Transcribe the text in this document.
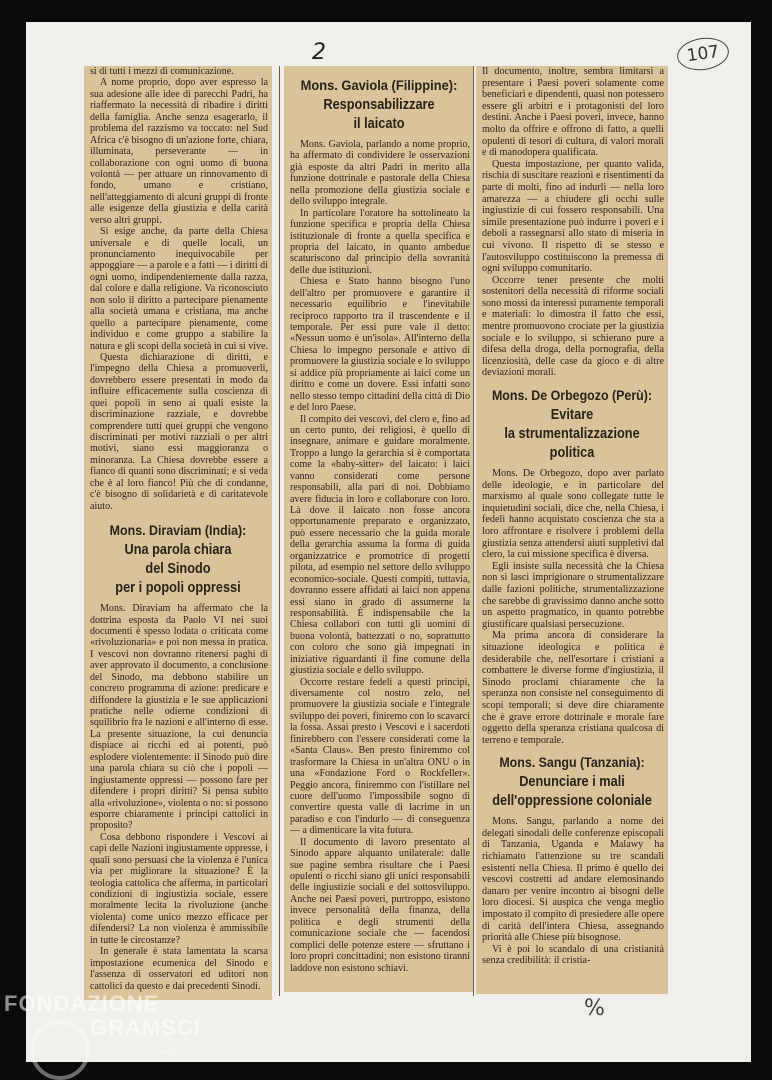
2	107

si di tutti i mezzi di comunicazione.

A nome proprio, dopo aver espresso la sua adesione alle idee di parecchi Padri, ha riaffermato la necessità di ribadire i diritti della famiglia. Anche senza esagerarlo, il problema del razzismo va toccato: nel Sud Africa c'è bisogno di un'azione forte, chiara, illuminata, perseverante — in collaborazione con ogni uomo di buona volontà — per attuare un rinnovamento di fondo, umano e cristiano, nell'atteggiamento di alcuni gruppi di fronte alle esigenze della giustizia e della carità verso altri gruppi.

Si esige anche, da parte della Chiesa universale e di quelle locali, un pronunciamento inequivocabile per appoggiare — a parole e a fatti — i diritti di ogni uomo, indipendentemente dalla razza, dal colore e dalla religione. Va riconosciuto non solo il diritto a partecipare pienamente alla società umana e cristiana, ma anche quello a partecipare pienamente, come individuo e come gruppo a stabilire la natura e gli scopi della società in cui si vive.

Questa dichiarazione di diritti, e l'impegno della Chiesa a promuoverli, dovrebbero essere presentati in modo da influire efficacemente sulla coscienza di quei popoli in seno ai quali esiste la discriminazione razziale, e dovrebbe comprendere tutti quei gruppi che vengono discriminati per motivi razziali o per altri motivi, siano essi maggioranza o minoranza. La Chiesa dovrebbe essere a fianco di quanti sono discriminati; e si veda che è al loro fianco! Più che di condanne, c'è bisogno di solidarietà e di caritatevole aiuto.

Mons. Diraviam (India):
Una parola chiara
del Sinodo
per i popoli oppressi

Mons. Diraviam ha affermato che la dottrina esposta da Paolo VI nei suoi documenti è spesso lodata o criticata come «rivoluzionaria» e poi non messa in pratica. I vescovi non dovranno ritenersi paghi di aver approvato il documento, a conclusione del Sinodo, ma debbono stabilire un concreto programma di azione: predicare e diffondere la giustizia e le sue applicazioni pratiche nelle odierne condizioni di squilibrio fra le nazioni e all'interno di esse. La presente situazione, la cui denuncia dispiace ai ricchi ed ai potenti, può esplodere violentemente: il Sinodo può dire una parola chiara su ciò che i popoli — ingiustamente oppressi — possono fare per difendere i propri diritti? Si pensa subito alla «rivoluzione», violenta o no: si possono esporre chiaramente i principi cattolici in proposito?

Cosa debbono rispondere i Vescovi ai capi delle Nazioni ingiustamente oppresse, i quali sono persuasi che la violenza è l'unica via per migliorare la situazione? È la teologia cattolica che afferma, in particolari condizioni di ingiustizia sociale, essere moralmente lecita la rivoluzione (anche violenta) come unico mezzo efficace per difendersi? La non violenza è ammissibile in tutte le circostanze?

In generale è stata lamentata la scarsa impostazione ecumenica del Sinodo e l'assenza di osservatori ed uditori non cattolici da questo e dai precedenti Sinodi.

Mons. Gaviola (Filippine):
Responsabilizzare
il laicato

Mons. Gaviola, parlando a nome proprio, ha affermato di condividere le osservazioni già esposte da altri Padri in merito alla funzione dottrinale e pastorale della Chiesa nella promozione della giustizia sociale e dello sviluppo integrale.

In particolare l'oratore ha sottolineato la funzione specifica e propria della Chiesa istituzionale di fronte a quella specifica e propria del laicato, in quanto ambedue scaturiscono dal principio della sovranità delle due istituzioni.

Chiesa e Stato hanno bisogno l'uno dell'altro per promuovere e garantire il necessario equilibrio e l'inevitabile reciproco rapporto tra il trascendente e il temporale. Per essi pure vale il detto: «Nessun uomo è un'isola». All'interno della Chiesa lo impegno personale e attivo di promuovere la giustizia sociale e lo sviluppo si addice più propriamente ai laici come un diritto e come un dovere. Essi infatti sono nello stesso tempo cittadini della città di Dio e del loro Paese.

Il compito dei vescovi, del clero e, fino ad un certo punto, dei religiosi, è quello di insegnare, animare e guidare moralmente. Troppo a lungo la gerarchia si è comportata come la «baby-sitter» del laicato: i laici vanno considerati come persone responsabili, alla pari di noi. Dobbiamo avere fiducia in loro e collaborare con loro. Là dove il laicato non fosse ancora opportunamente preparato e organizzato, può essere necessario che la guida morale della gerarchia assuma la forma di guida organizzatrice e promotrice di progetti pilota, ad esempio nel settore dello sviluppo economico-sociale. Questi compiti, tuttavia, dovranno essere affidati ai laici non appena essi siano in grado di assumerne la responsabilità. È indispensabile che la Chiesa collabori con tutti gli uomini di buona volontà, battezzati o no, soprattutto con coloro che sono già impegnati in iniziative riguardanti il fine comune della giustizia sociale e dello sviluppo.

Occorre restare fedeli a questi principi, diversamente col nostro zelo, nel promuovere la giustizia sociale e l'integrale sviluppo dei poveri, finiremo con lo scavarci la fossa. Assai presto i Vescovi e i sacerdoti finirebbero con l'essere considerati come la «Santa Claus». Ben presto finiremmo col trasformare la Chiesa in un'altra ONU o in una «Fondazione Ford o Rockfeller». Peggio ancora, finiremmo con l'istillare nel cuore dell'uomo l'impossibile sogno di convertire questa valle di lacrime in un paradiso e con l'indurlo — di conseguenza — a dimenticare la vita futura.

Il documento di lavoro presentato al Sinodo appare alquanto unilaterale: dalle sue pagine sembra risultare che i Paesi opulenti o ricchi siano gli unici responsabili delle ingiustizie sociali e del sottosviluppo. Anche nei Paesi poveri, purtroppo, esistono invece personalità della finanza, della politica e degli strumenti della comunicazione sociale che — facendosi complici delle potenze estere — sfruttano i loro propri concittadini; non esistono tiranni laddove non esistono schiavi.

Il documento, inoltre, sembra limitarsi a presentare i Paesi poveri solamente come beneficiari e dipendenti, quasi non potessero essere gli arbitri e i protagonisti del loro destini. Anche i Paesi poveri, invece, hanno molto da offrire e offrono di fatto, a quelli opulenti di tesori di cultura, di valori morali e di manodopera qualificata.

Questa impostazione, per quanto valida, rischia di suscitare reazioni e risentimenti da parte di molti, fino ad indurli — nella loro amarezza — a chiudere gli occhi sulle ingiustizie di cui fossero responsabili. Una simile presentazione può indurre i poveri e i deboli a rassegnarsi allo stato di miseria in cui vivono. Il rispetto di se stesso e l'autosviluppo costituiscono la premessa di ogni sviluppo comunitario.

Occorre tener presente che molti sostenitori della necessità di riforme sociali sono mossi da interessi puramente temporali e materiali: lo dimostra il fatto che essi, mentre promuovono crociate per la giustizia sociale e lo sviluppo, si schierano pure a difesa della droga, della pornografia, della licenziosità, delle case da gioco e di altre deviazioni morali.

Mons. De Orbegozo (Perù):
Evitare
la strumentalizzazione
politica

Mons. De Orbegozo, dopo aver parlato delle ideologie, e in particolare del marxismo al quale sono collegate tutte le inquietudini sociali, dice che, nella Chiesa, i fedeli hanno acquistato coscienza che sta a loro affrontare e risolvere i problemi della giustizia senza attendersi aiuti suppletivi dal clero, la cui missione specifica è diversa.

Egli insiste sulla necessità che la Chiesa non si lasci imprigionare o strumentalizzare dalle fazioni politiche, strumentalizzazione che sarebbe di gravissimo danno anche sotto un aspetto pragmatico, in quanto potrebbe giustificare qualsiasi persecuzione.

Ma prima ancora di considerare la situazione ideologica e politica è desiderabile che, nell'esortare i cristiani a combattere le diverse forme d'ingiustizia, il Sinodo proclami chiaramente che la speranza non consiste nel conseguimento di scopi temporali; si deve dire chiaramente che è grave errore dottrinale e morale fare oggetto della speranza cristiana qualcosa di terreno e temporale.

Mons. Sangu (Tanzania):
Denunciare i mali
dell'oppressione coloniale

Mons. Sangu, parlando a nome dei delegati sinodali delle conferenze episcopali di Tanzania, Uganda e Malawy ha richiamato l'attenzione su tre scandali esistenti nella Chiesa. Il primo è quello dei vescovi costretti ad andare elemosinando danaro per venire incontro ai bisogni delle loro diocesi. Si auspica che venga meglio impostato il compito di presiedere alle opere di carità dell'intera Chiesa, assegnando priorità alle Chiese più bisognose.

Vi è poi lo scandalo di una cristianità senza credibilità: il cristia-

%
FONDAZIONE
GRAMSCI
onlus
